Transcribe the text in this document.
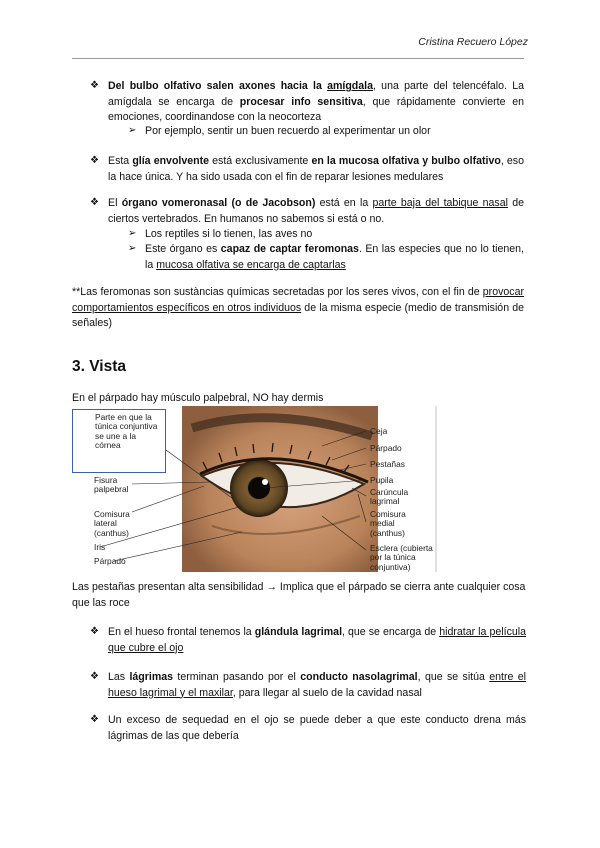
Cristina Recuero López
❖ Del bulbo olfativo salen axones hacia la amígdala, una parte del telencéfalo. La amígdala se encarga de procesar info sensitiva, que rápidamente convierte en emociones, coordinandose con la neocorteza
➢ Por ejemplo, sentir un buen recuerdo al experimentar un olor
❖ Esta glía envolvente está exclusivamente en la mucosa olfativa y bulbo olfativo, eso la hace única. Y ha sido usada con el fin de reparar lesiones medulares
❖ El órgano vomeronasal (o de Jacobson) está en la parte baja del tabique nasal de ciertos vertebrados. En humanos no sabemos si está o no.
➢ Los reptiles si lo tienen, las aves no
➢ Este órgano es capaz de captar feromonas. En las especies que no lo tienen, la mucosa olfativa se encarga de captarlas
**Las feromonas son sustàncias químicas secretadas por los seres vivos, con el fin de provocar comportamientos específicos en otros individuos de la misma especie (medio de transmisión de señales)
3. Vista
En el párpado hay músculo palpebral, NO hay dermis
Parte en que la túnica conjuntiva se une a la córnea
Fisura palpebral
Comisura lateral (canthus)
Iris
Párpado
Ceja
Párpado
Pestañas
Pupila
Carúncula lagrimal
Comisura medial (canthus)
Esclera (cubierta por la túnica conjuntiva)
Las pestañas presentan alta sensibilidad → Implica que el párpado se cierra ante cualquier cosa que las roce
❖ En el hueso frontal tenemos la glándula lagrimal, que se encarga de hidratar la película que cubre el ojo
❖ Las lágrimas terminan pasando por el conducto nasolagrimal, que se sitúa entre el hueso lagrimal y el maxilar, para llegar al suelo de la cavidad nasal
❖ Un exceso de sequedad en el ojo se puede deber a que este conducto drena más lágrimas de las que debería
